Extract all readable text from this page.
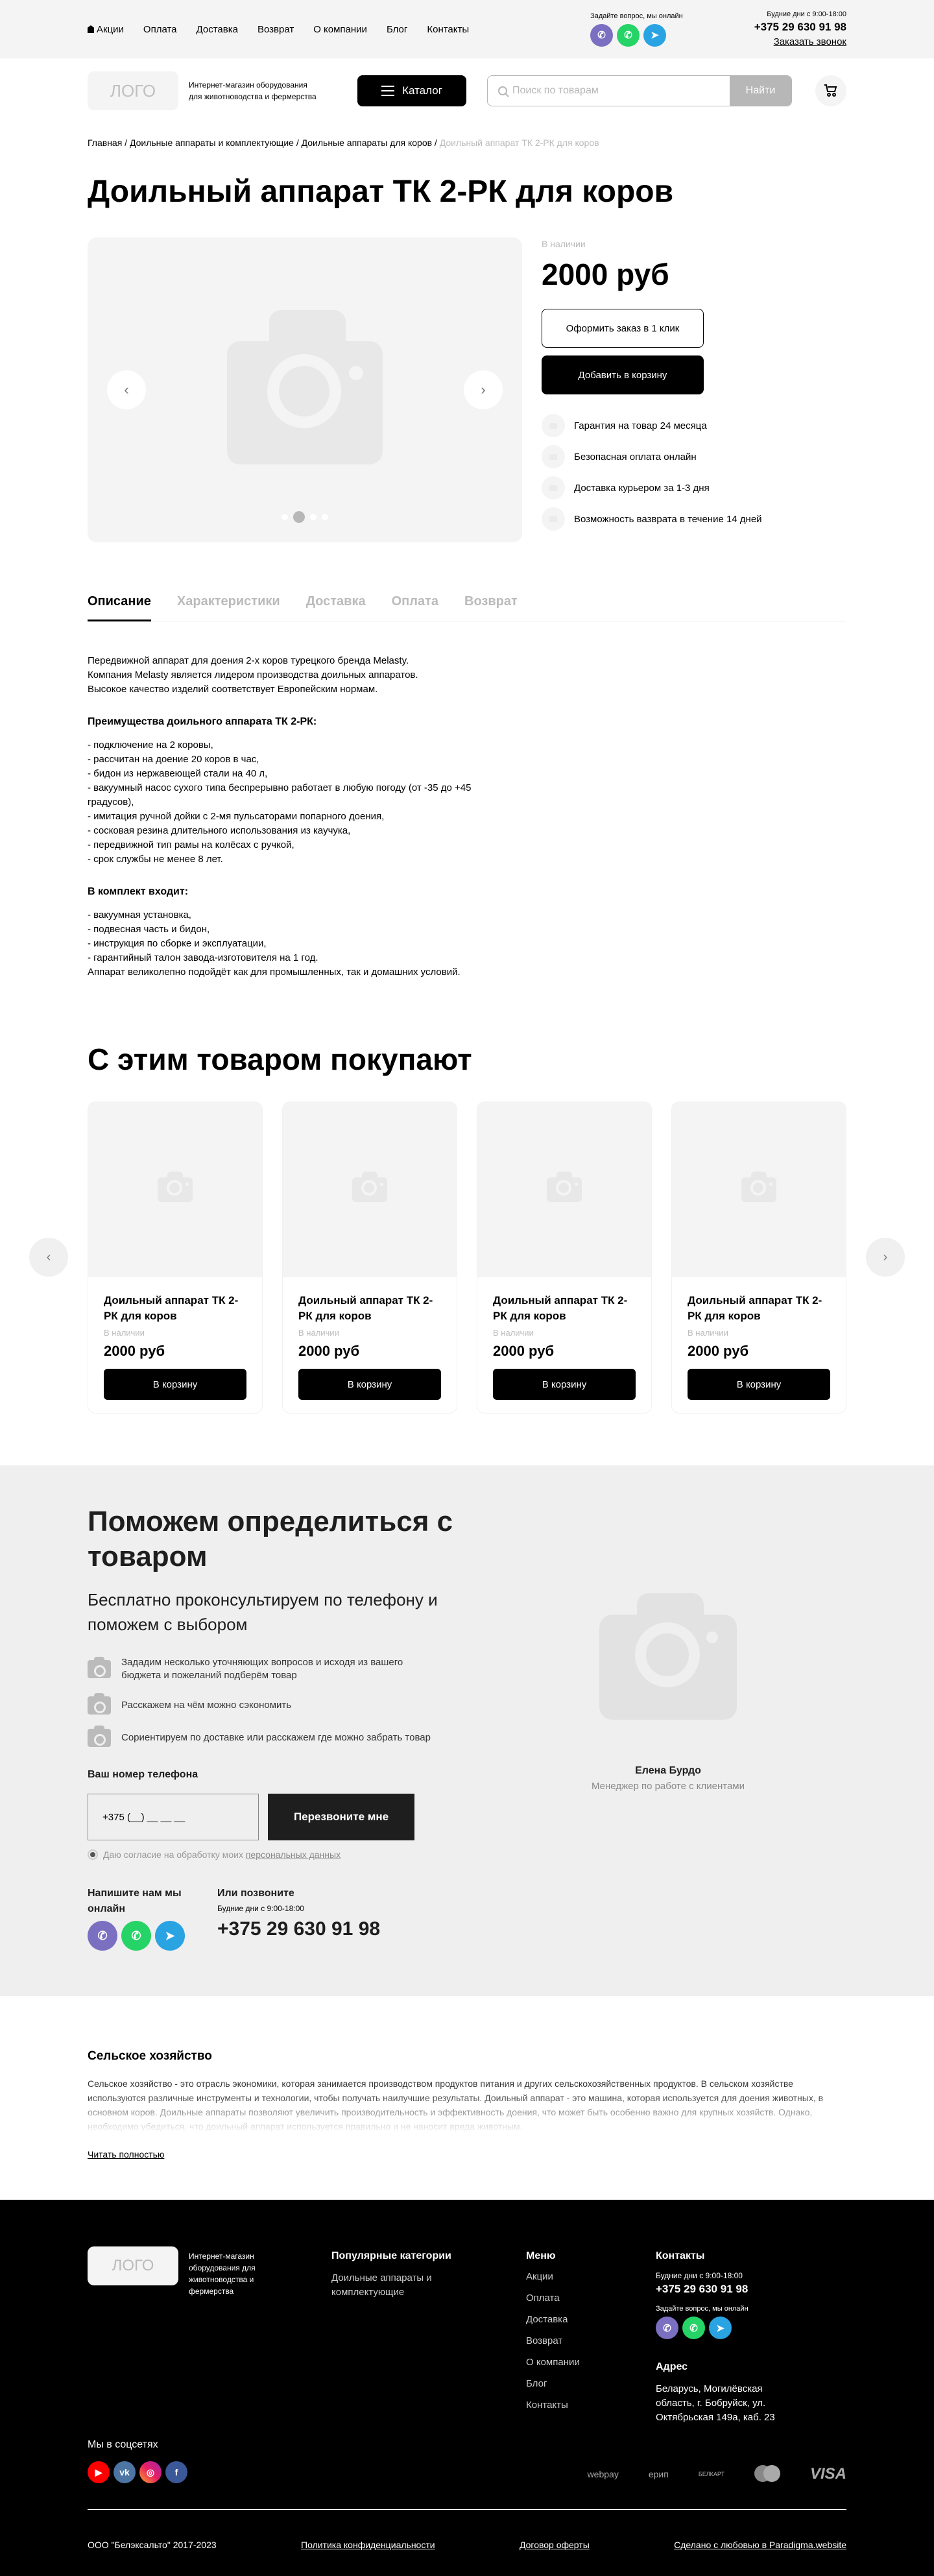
Акции Оплата Доставка Возврат О компании Блог Контакты
Задайте вопрос, мы онлайн
✆	✆	➤
Будние дни с 9:00-18:00
+375 29 630 91 98
Заказать звонок
ЛОГО	Интернет-магазин оборудования для животноводства и фермерства	Каталог	Поиск по товарам	Найти
Главная / Доильные аппараты и комплектующие / Доильные аппараты для коров / Доильный аппарат ТК 2-РК для коров
Доильный аппарат ТК 2-РК для коров
‹	›
В наличии
2000 руб
Оформить заказ в 1 клик
Добавить в корзину
Гарантия на товар 24 месяца
Безопасная оплата онлайн
Доставка курьером за 1-3 дня
Возможность вазврата в течение 14 дней
Описание Характеристики Доставка Оплата Возврат
Передвижной аппарат для доения 2-х коров турецкого бренда Melasty.
Компания Melasty является лидером производства доильных аппаратов.
Высокое качество изделий соответствует Европейским нормам.
Преимущества доильного аппарата ТК 2-РК:
- подключение на 2 коровы,
- рассчитан на доение 20 коров в час,
- бидон из нержавеющей стали на 40 л,
- вакуумный насос сухого типа беспрерывно работает в любую погоду (от -35 до +45 градусов),
- имитация ручной дойки с 2-мя пульсаторами попарного доения,
- сосковая резина длительного использования из каучука,
- передвижной тип рамы на колёсах с ручкой,
- срок службы не менее 8 лет.
В комплект входит:
- вакуумная установка,
- подвесная часть и бидон,
- инструкция по сборке и эксплуатации,
- гарантийный талон завода-изготовителя на 1 год.
Аппарат великолепно подойдёт как для промышленных, так и домашних условий.
С этим товаром покупают
‹
Доильный аппарат ТК 2-РК для коров
В наличии
2000 руб
В корзину
Доильный аппарат ТК 2-РК для коров
В наличии
2000 руб
В корзину
Доильный аппарат ТК 2-РК для коров
В наличии
2000 руб
В корзину
Доильный аппарат ТК 2-РК для коров
В наличии
2000 руб
В корзину
›
Поможем определиться с товаром
Бесплатно проконсультируем по телефону и поможем с выбором
Зададим несколько уточняющих вопросов и исходя из вашего бюджета и пожеланий подберём товар
Расскажем на чём можно сэкономить
Сориентируем по доставке или расскажем где можно забрать товар
Ваш номер телефона
+375 (__) __ __ __	Перезвоните мне
Даю согласие на обработку моих персональных данных
Напишите нам мы онлайн
✆	✆	➤
Или позвоните
Будние дни с 9:00-18:00
+375 29 630 91 98
Елена Бурдо
Менеджер по работе с клиентами
Сельское хозяйство

Сельское хозяйство - это отрасль экономики, которая занимается производством продуктов питания и других сельскохозяйственных продуктов. В сельском хозяйстве используются различные инструменты и технологии, чтобы получать наилучшие результаты. Доильный аппарат - это машина, которая используется для доения животных, в основном коров. Доильные аппараты позволяют увеличить производительность и эффективность доения, что может быть особенно важно для крупных хозяйств. Однако, необходимо убедиться, что доильный аппарат используется правильно и не наносит вреда животным.

Читать полностью
ЛОГО
Интернет-магазин оборудования для животноводства и фермерства
Популярные категории
Доильные аппараты и комплектующие
Меню
Акции
Оплата
Доставка
Возврат
О компании
Блог
Контакты
Контакты
Будние дни с 9:00-18:00
+375 29 630 91 98
Задайте вопрос, мы онлайн
✆	✆	➤
Адрес
Беларусь, Могилёвская область, г. Бобруйск, ул. Октябрьская 149а, каб. 23
Мы в соцсетях
▶	vk	◎	f	webpay	ерип	БЕЛКАРТ	VISA
ООО "Белэксальто" 2017-2023	Политика конфиденциальности	Договор оферты	Сделано с любовью в Paradigma.website
